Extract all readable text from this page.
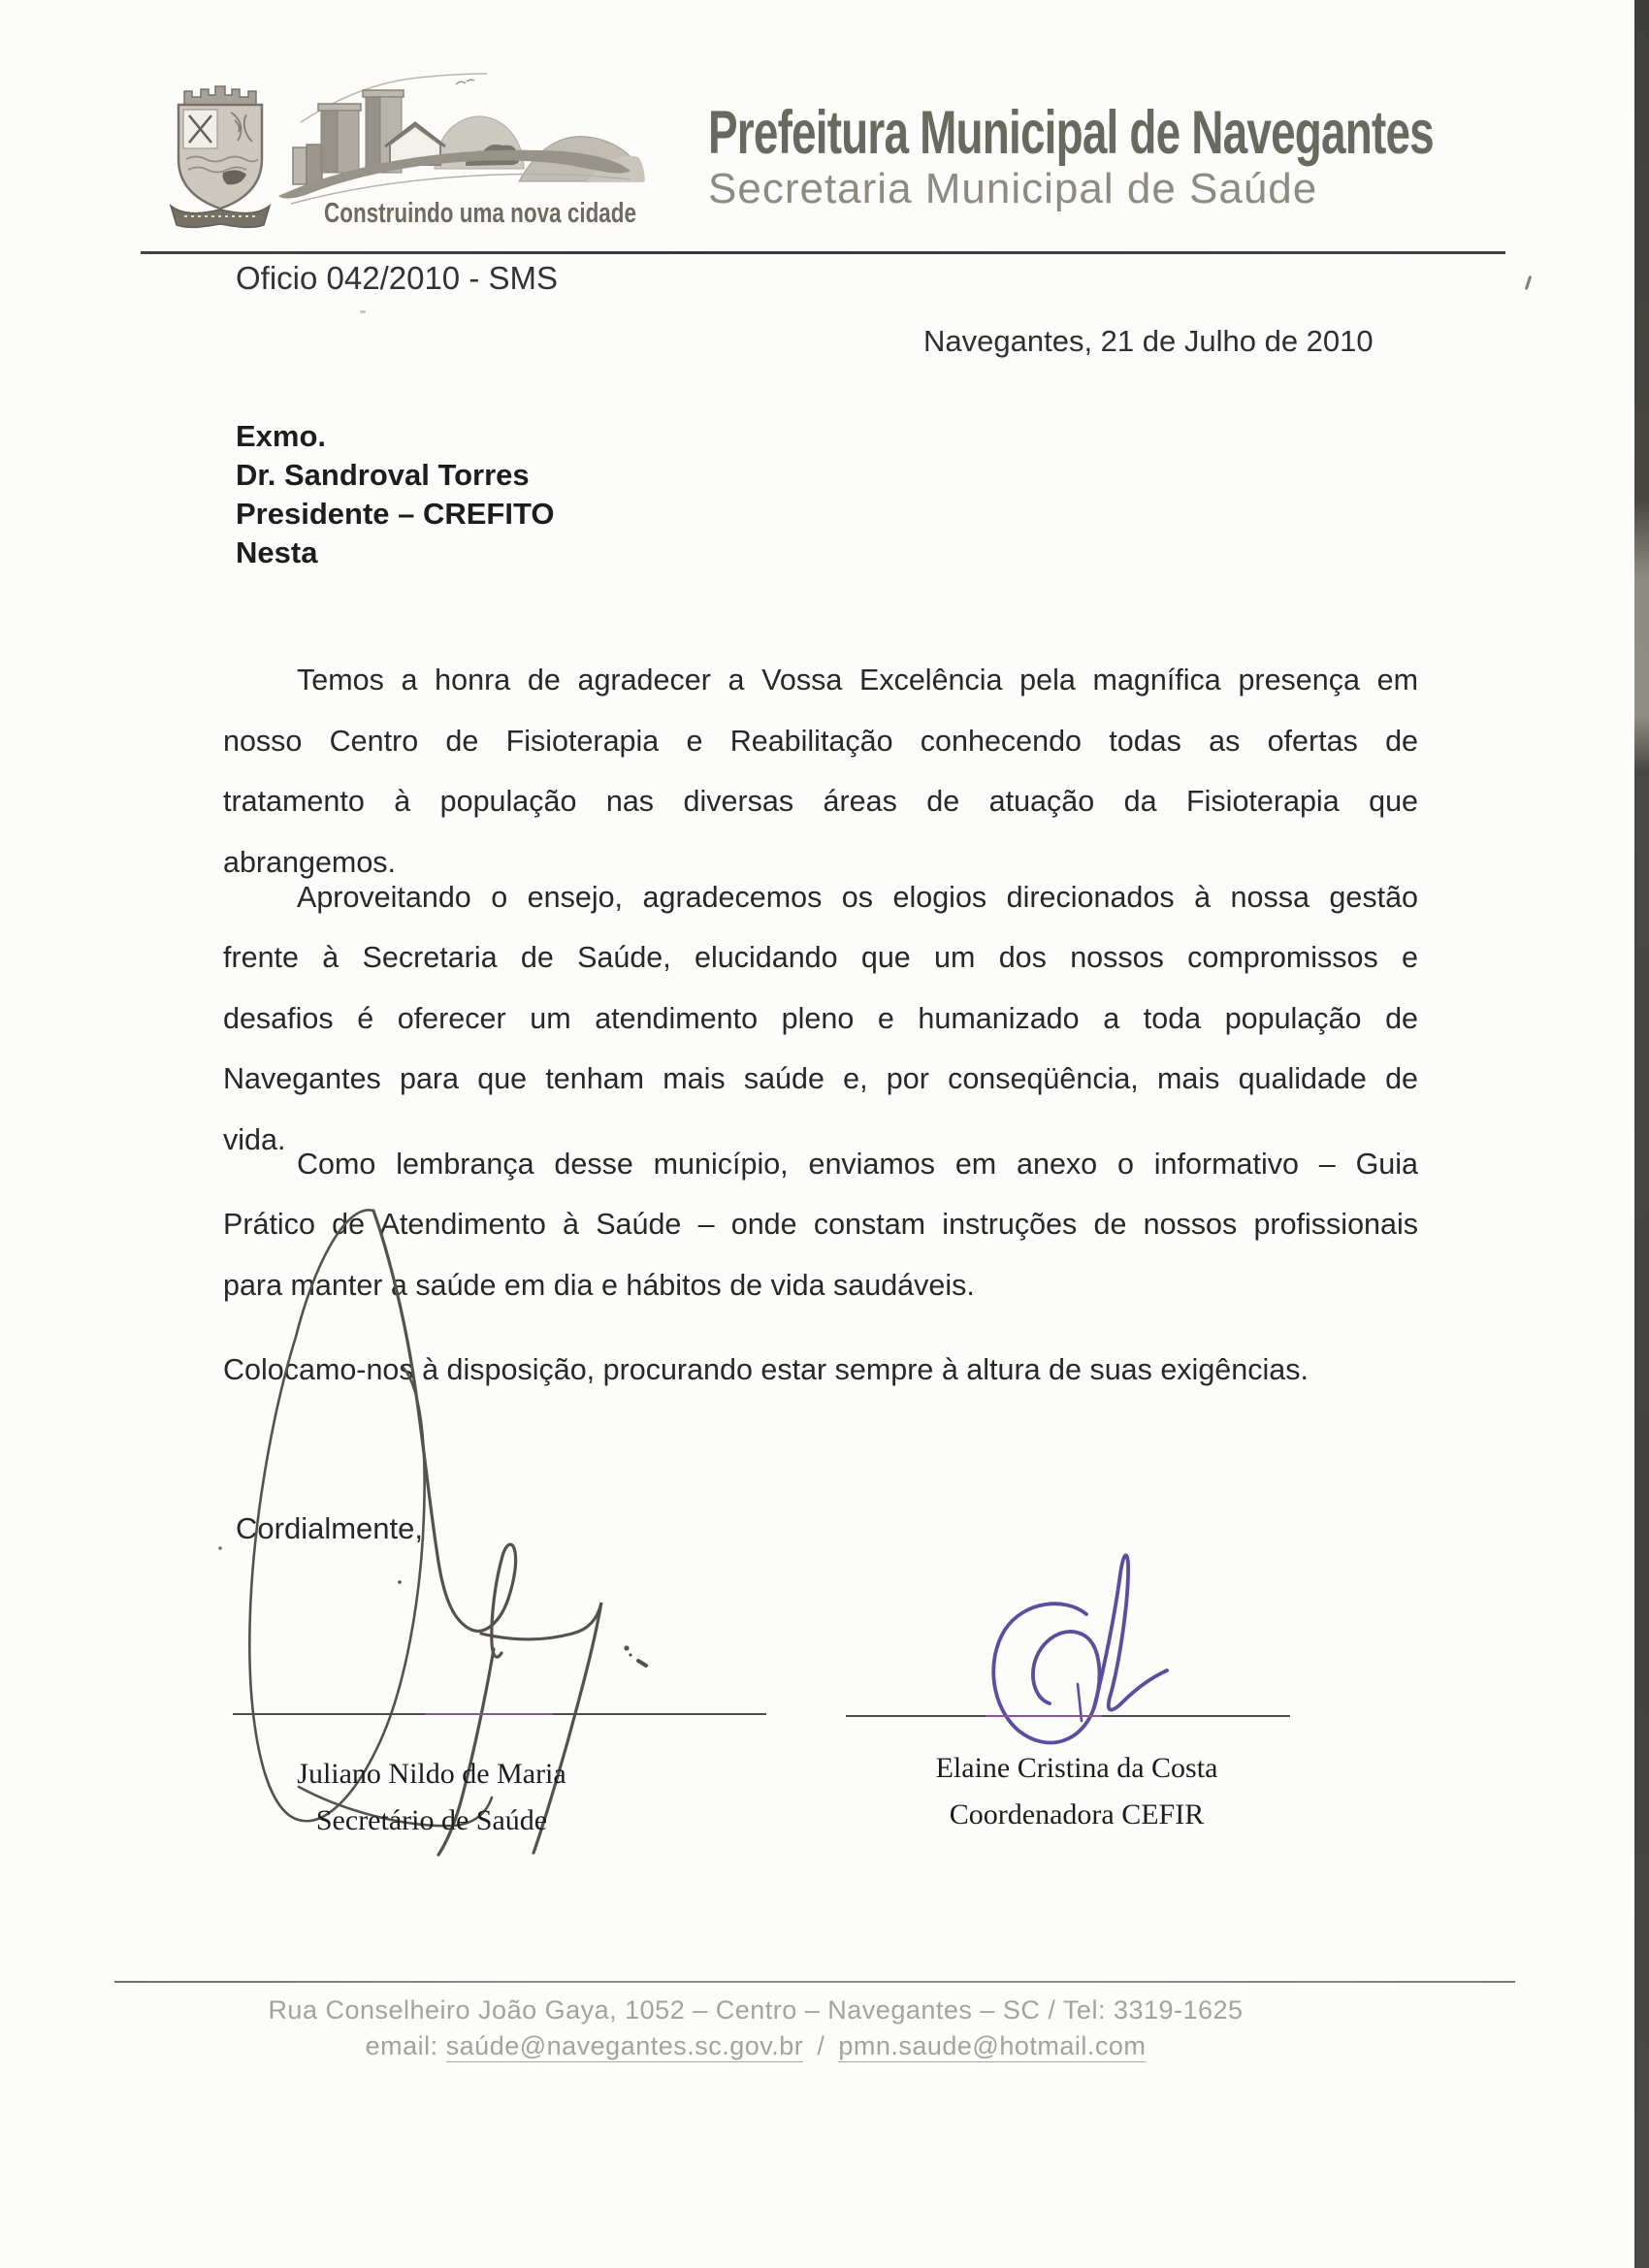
Construindo uma nova cidade
Prefeitura Municipal de Navegantes
Secretaria Municipal de Saúde
Oficio 042/2010 - SMS
Navegantes, 21 de Julho de 2010
Exmo.
Dr. Sandroval Torres
Presidente – CREFITO
Nesta
Temos a honra de agradecer a Vossa Excelência pela magnífica presença em
nosso Centro de Fisioterapia e Reabilitação conhecendo todas as ofertas de
tratamento à população nas diversas áreas de atuação da Fisioterapia que
abrangemos.
Aproveitando o ensejo, agradecemos os elogios direcionados à nossa gestão
frente à Secretaria de Saúde, elucidando que um dos nossos compromissos e
desafios é oferecer um atendimento pleno e humanizado a toda população de
Navegantes para que tenham mais saúde e, por conseqüência, mais qualidade de
vida.
Como lembrança desse município, enviamos em anexo o informativo – Guia
Prático de Atendimento à Saúde – onde constam instruções de nossos profissionais
para manter a saúde em dia e hábitos de vida saudáveis.
Colocamo-nos à disposição, procurando estar sempre à altura de suas exigências.
Cordialmente,
Juliano Nildo de Maria
Secretário de Saúde
Elaine Cristina da Costa
Coordenadora CEFIR
Rua Conselheiro João Gaya, 1052 – Centro – Navegantes – SC / Tel: 3319-1625
email: saúde@navegantes.sc.gov.br / pmn.saude@hotmail.com
